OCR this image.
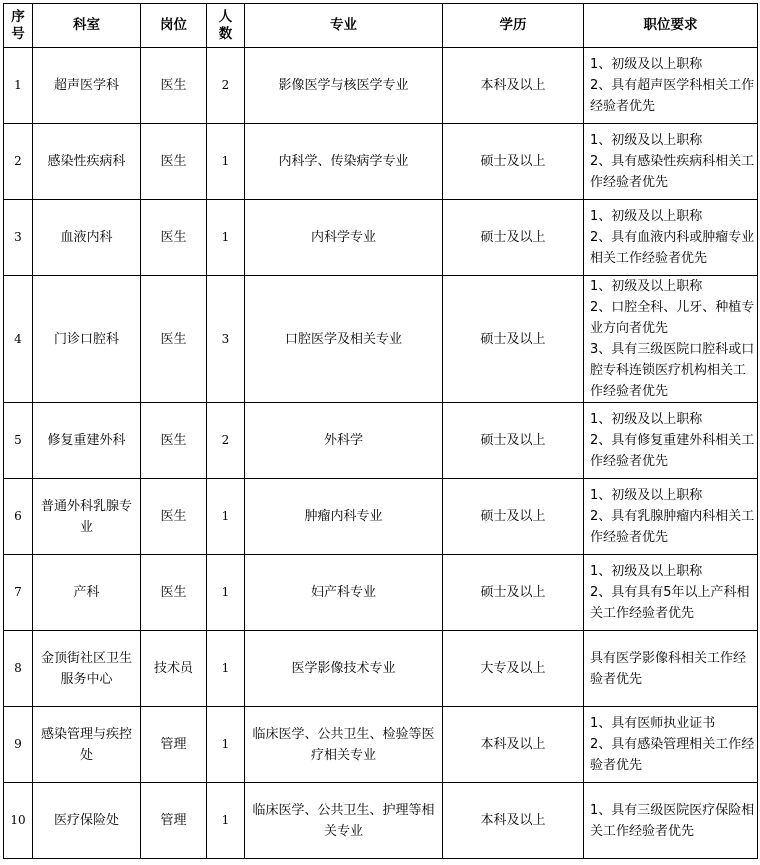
序号	科室	岗位	人数	专业	学历	职位要求
1	超声医学科	医生	2	影像医学与核医学专业	本科及以上	1、初级及以上职称
2、具有超声医学科相关工作经验者优先
2	感染性疾病科	医生	1	内科学、传染病学专业	硕士及以上	1、初级及以上职称
2、具有感染性疾病科相关工作经验者优先
3	血液内科	医生	1	内科学专业	硕士及以上	1、初级及以上职称
2、具有血液内科或肿瘤专业相关工作经验者优先
4	门诊口腔科	医生	3	口腔医学及相关专业	硕士及以上	1、初级及以上职称
2、口腔全科、儿牙、种植专业方向者优先
3、具有三级医院口腔科或口腔专科连锁医疗机构相关工作经验者优先
5	修复重建外科	医生	2	外科学	硕士及以上	1、初级及以上职称
2、具有修复重建外科相关工作经验者优先
6	普通外科乳腺专业	医生	1	肿瘤内科专业	硕士及以上	1、初级及以上职称
2、具有乳腺肿瘤内科相关工作经验者优先
7	产科	医生	1	妇产科专业	硕士及以上	1、初级及以上职称
2、具有具有5年以上产科相关工作经验者优先
8	金顶街社区卫生服务中心	技术员	1	医学影像技术专业	大专及以上	具有医学影像科相关工作经验者优先
9	感染管理与疾控处	管理	1	临床医学、公共卫生、检验等医疗相关专业	本科及以上	1、具有医师执业证书
2、具有感染管理相关工作经验者优先
10	医疗保险处	管理	1	临床医学、公共卫生、护理等相关专业	本科及以上	1、具有三级医院医疗保险相关工作经验者优先
